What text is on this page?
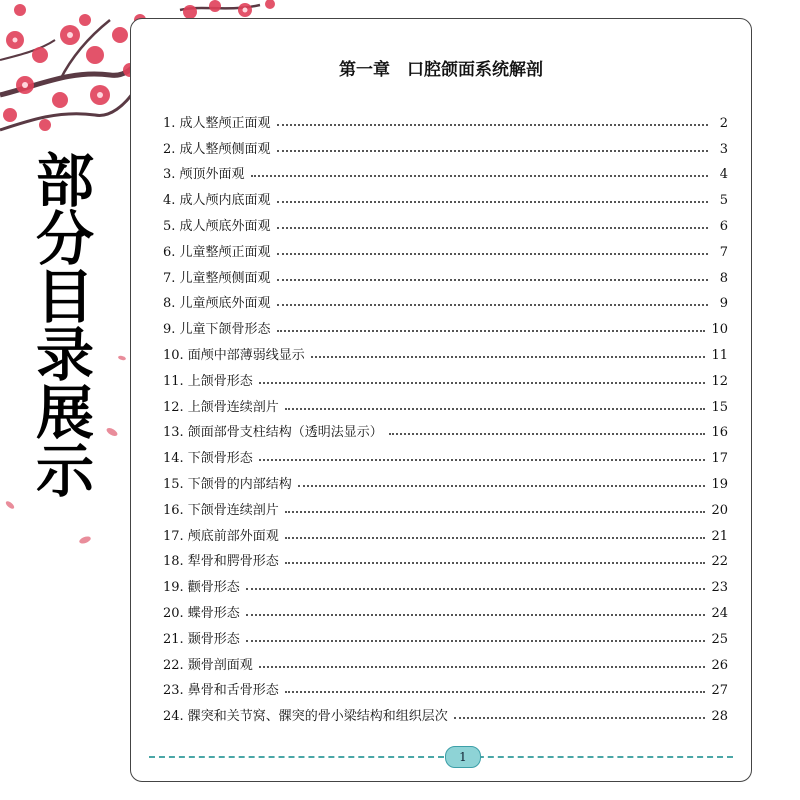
部分目录展示
第一章　口腔颌面系统解剖
1. 成人整颅正面观	2
2. 成人整颅侧面观	3
3. 颅顶外面观	4
4. 成人颅内底面观	5
5. 成人颅底外面观	6
6. 儿童整颅正面观	7
7. 儿童整颅侧面观	8
8. 儿童颅底外面观	9
9. 儿童下颌骨形态	10
10. 面颅中部薄弱线显示	11
11. 上颌骨形态	12
12. 上颌骨连续剖片	15
13. 颌面部骨支柱结构（透明法显示）	16
14. 下颌骨形态	17
15. 下颌骨的内部结构	19
16. 下颌骨连续剖片	20
17. 颅底前部外面观	21
18. 犁骨和腭骨形态	22
19. 颧骨形态	23
20. 蝶骨形态	24
21. 颞骨形态	25
22. 颞骨剖面观	26
23. 鼻骨和舌骨形态	27
24. 髁突和关节窝、髁突的骨小梁结构和组织层次	28
1
